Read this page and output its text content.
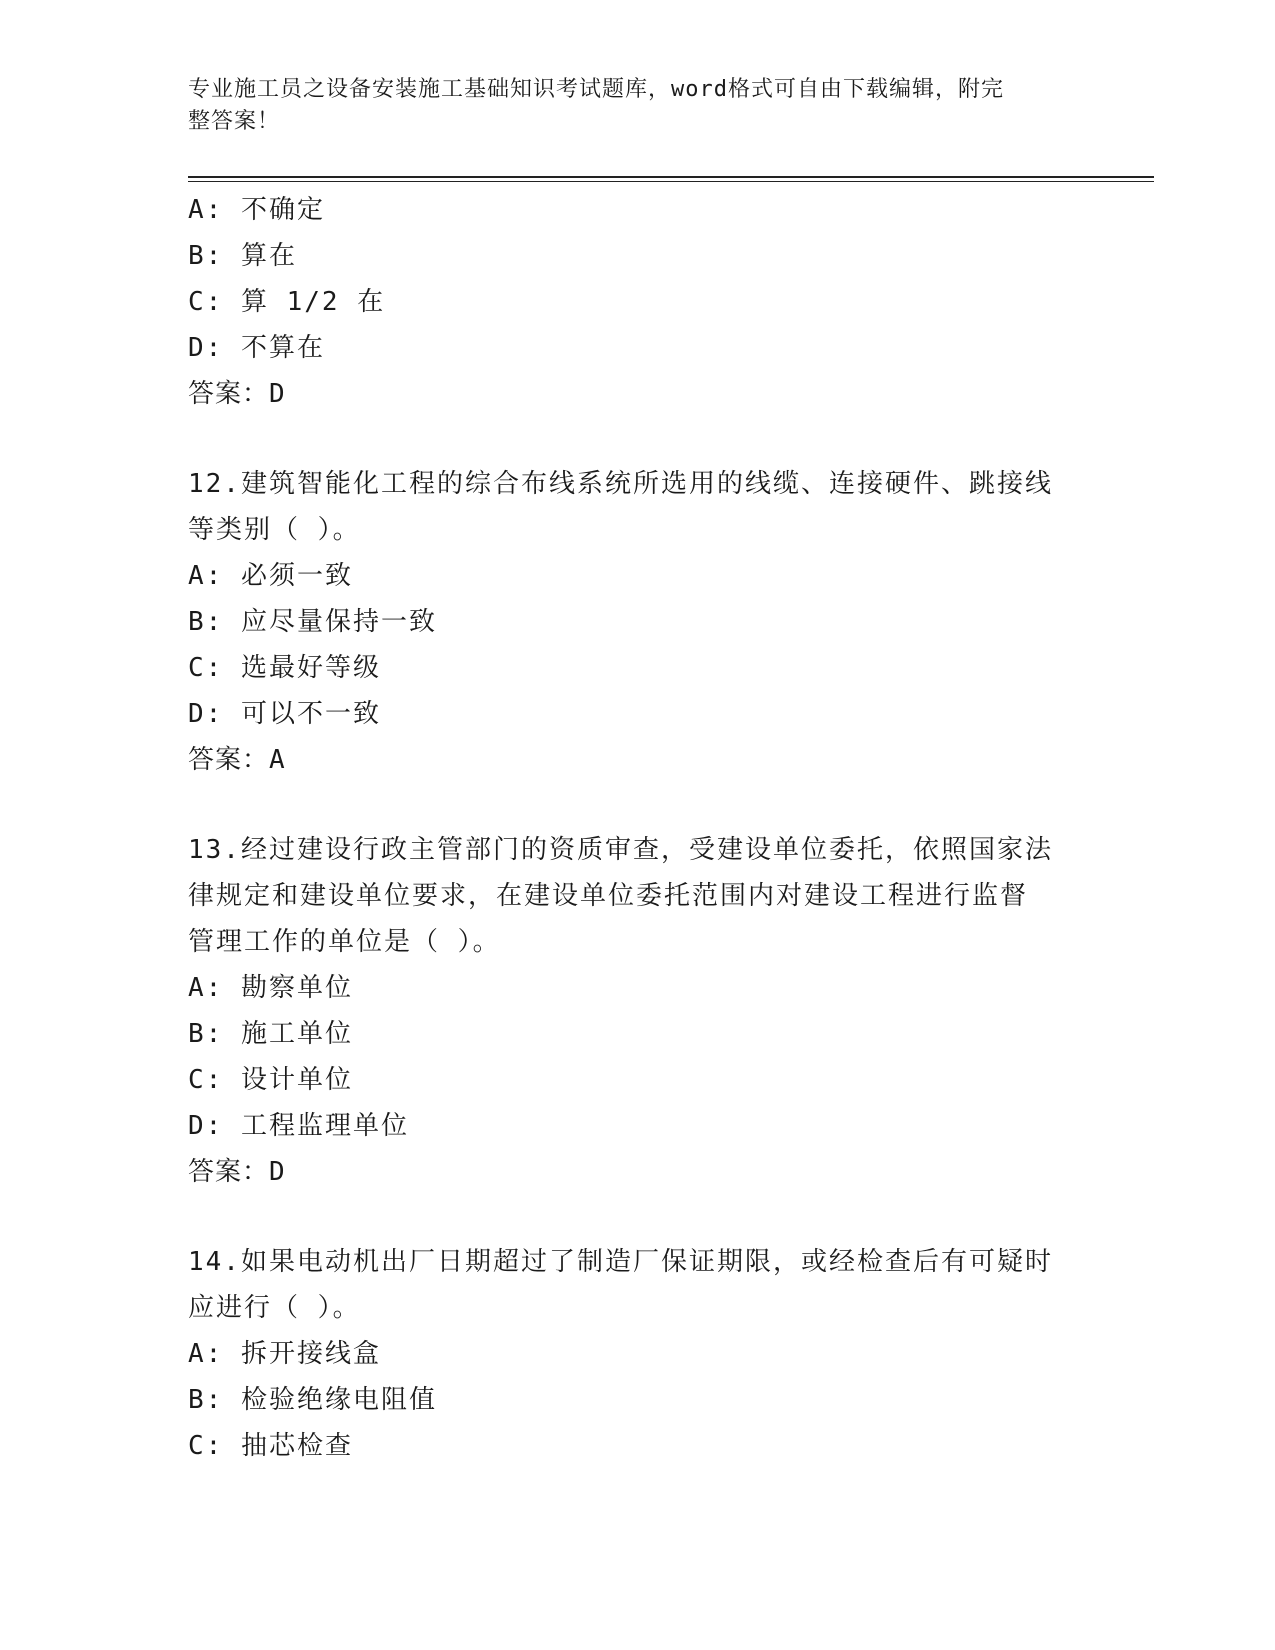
专业施工员之设备安装施工基础知识考试题库，word格式可自由下载编辑，附完
整答案！
A: 不确定
B: 算在
C: 算 1/2 在
D: 不算在
答案：D
12.建筑智能化工程的综合布线系统所选用的线缆、连接硬件、跳接线
等类别（ ）。
A: 必须一致
B: 应尽量保持一致
C: 选最好等级
D: 可以不一致
答案：A
13.经过建设行政主管部门的资质审查，受建设单位委托，依照国家法
律规定和建设单位要求，在建设单位委托范围内对建设工程进行监督
管理工作的单位是（ ）。
A: 勘察单位
B: 施工单位
C: 设计单位
D: 工程监理单位
答案：D
14.如果电动机出厂日期超过了制造厂保证期限，或经检查后有可疑时
应进行（ ）。
A: 拆开接线盒
B: 检验绝缘电阻值
C: 抽芯检查
